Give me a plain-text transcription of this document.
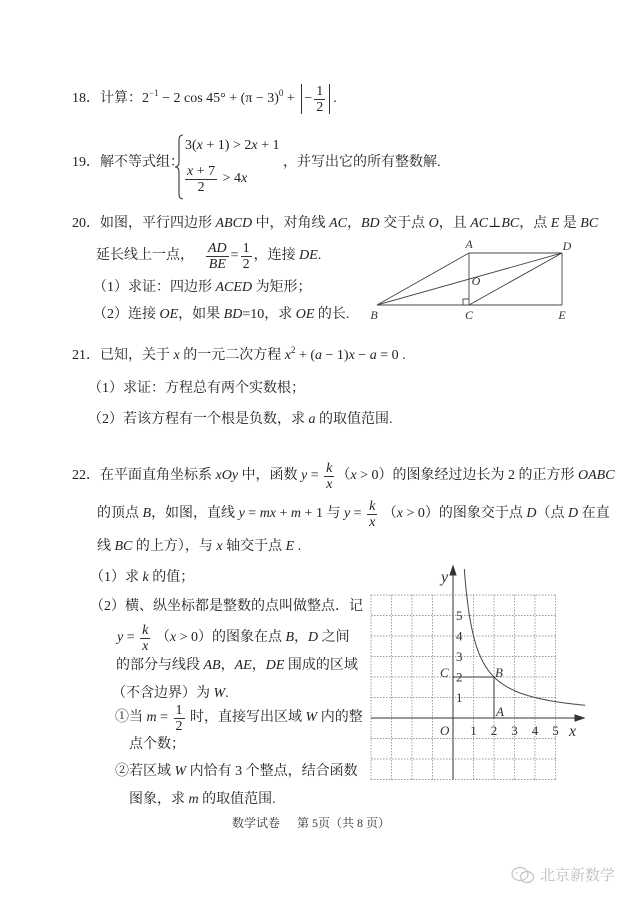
18． 计算： 2 −1 − 2 cos 45° + (π − 3) 0 + − $\frac{1}{2}$ .
19． 解不等式组：
3( x + 1) > 2 x + 1
$\frac{x + 7}{2} > 4$ x
，并写出它的所有整数解.
20． 如图，平行四边形 ABCD 中，对角线 AC ， BD 交于点 O ，且 AC ⊥ BC ，点 E 是 BC
延长线上一点， $\frac{AD}{BE} = \frac{1}{2}$ ，连接 DE .
（1）求证：四边形 ACED 为矩形；
（2）连接 OE ，如果 BD =10，求 OE 的长.
A	D
O
B	C	E
21． 已知，关于 x 的一元二次方程 x 2 + ( a − 1) x − a = 0 .
（1）求证：方程总有两个实数根；
（2）若该方程有一个根是负数，求 a 的取值范围.
22． 在平面直角坐标系 xOy 中，函数 $y = \frac{k}{x}$ （ x > 0）的图象经过边长为 2 的正方形 OABC
的顶点 B ，如图，直线 y = mx + m + 1 与 $y = \frac{k}{x}$ （ x > 0）的图象交于点 D （点 D 在直
线 BC 的上方），与 x 轴交于点 E .
（1）求 k 的值；
（2）横、纵坐标都是整数的点叫做整点．记
$y = \frac{k}{x}$ （ x > 0）的图象在点 B ， D 之间
的部分与线段 AB ， AE ， DE 围成的区域
（不含边界）为 W .
①当 $m = \frac{1}{2}$ 时，直接写出区域 W 内的整
点个数；
②若区域 W 内恰有 3 个整点，结合函数
图象，求 m 的取值范围.
y
x
O 1 2 3 4 5
1
2
3
4
5
C	B
A
数学试卷 第 5页（共 8 页）
北京新数学
